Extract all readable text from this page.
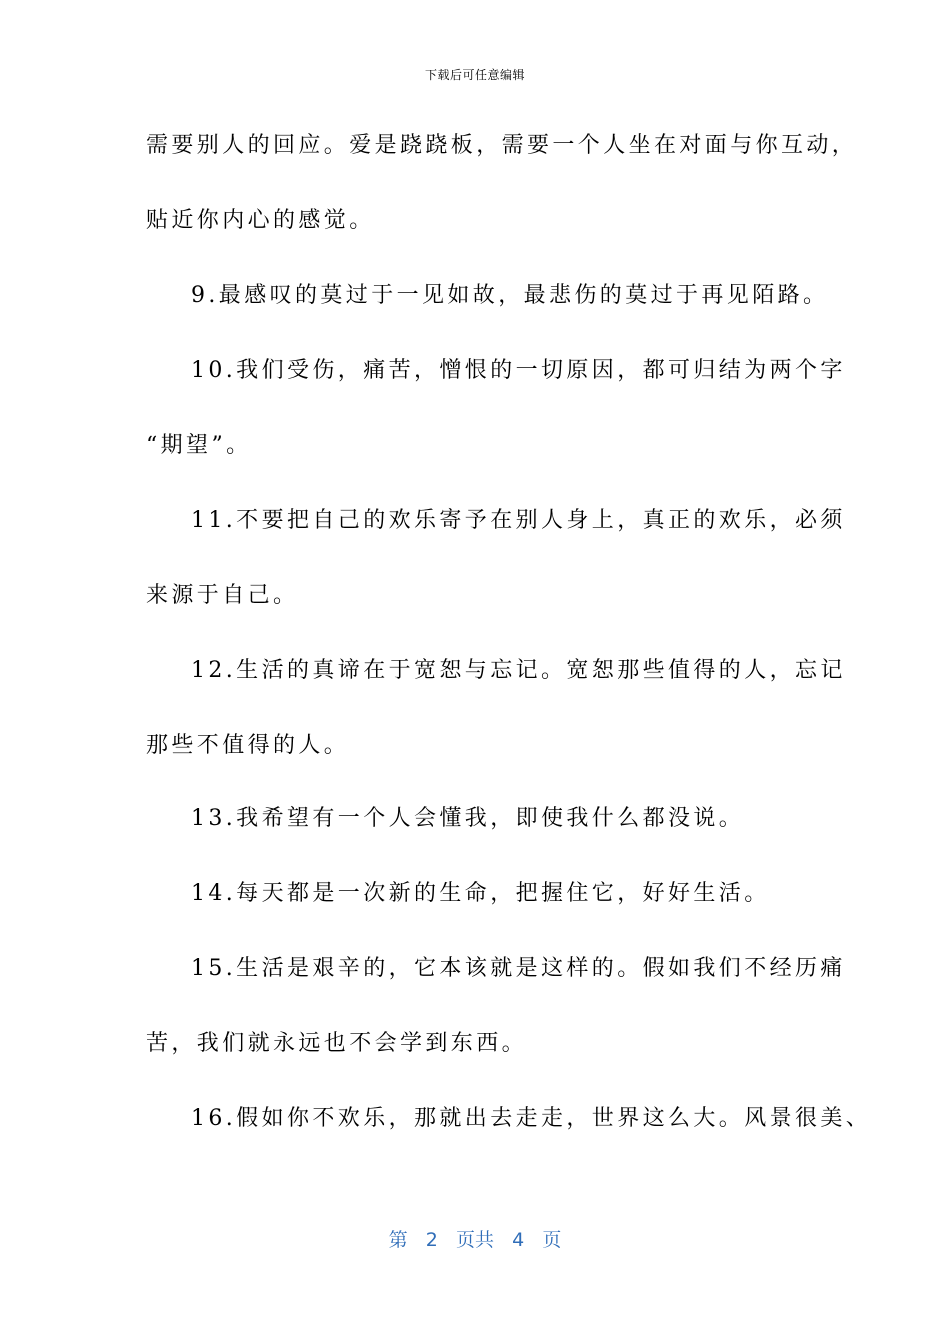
下载后可任意编辑
需要别人的回应。爱是跷跷板，需要一个人坐在对面与你互动，
贴近你内心的感觉。
9.最感叹的莫过于一见如故，最悲伤的莫过于再见陌路。
10.我们受伤，痛苦，憎恨的一切原因，都可归结为两个字
“期望”。
11.不要把自己的欢乐寄予在别人身上，真正的欢乐，必须
来源于自己。
12.生活的真谛在于宽恕与忘记。宽恕那些值得的人，忘记
那些不值得的人。
13.我希望有一个人会懂我，即使我什么都没说。
14.每天都是一次新的生命，把握住它，好好生活。
15.生活是艰辛的，它本该就是这样的。假如我们不经历痛
苦，我们就永远也不会学到东西。
16.假如你不欢乐，那就出去走走，世界这么大。风景很美、
第 2 页共 4 页
